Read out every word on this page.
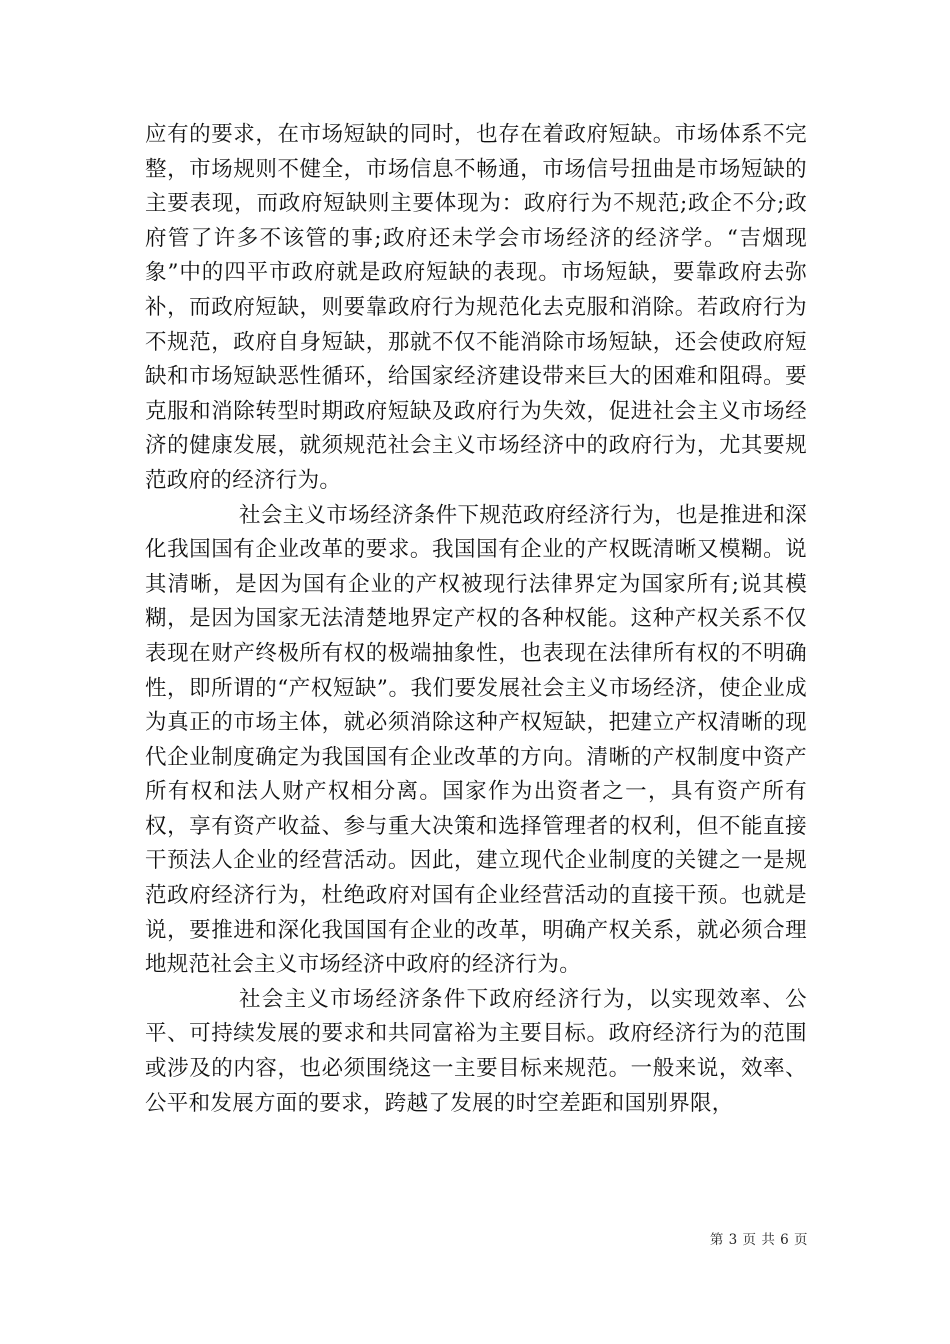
应有的要求，在市场短缺的同时，也存在着政府短缺。市场体系不完整，市场规则不健全，市场信息不畅通，市场信号扭曲是市场短缺的主要表现，而政府短缺则主要体现为：政府行为不规范;政企不分;政府管了许多不该管的事;政府还未学会市场经济的经济学。“吉烟现象”中的四平市政府就是政府短缺的表现。市场短缺，要靠政府去弥补，而政府短缺，则要靠政府行为规范化去克服和消除。若政府行为不规范，政府自身短缺，那就不仅不能消除市场短缺，还会使政府短缺和市场短缺恶性循环，给国家经济建设带来巨大的困难和阻碍。要克服和消除转型时期政府短缺及政府行为失效，促进社会主义市场经济的健康发展，就须规范社会主义市场经济中的政府行为，尤其要规范政府的经济行为。

社会主义市场经济条件下规范政府经济行为，也是推进和深化我国国有企业改革的要求。我国国有企业的产权既清晰又模糊。说其清晰，是因为国有企业的产权被现行法律界定为国家所有;说其模糊，是因为国家无法清楚地界定产权的各种权能。这种产权关系不仅表现在财产终极所有权的极端抽象性，也表现在法律所有权的不明确性，即所谓的“产权短缺”。我们要发展社会主义市场经济，使企业成为真正的市场主体，就必须消除这种产权短缺，把建立产权清晰的现代企业制度确定为我国国有企业改革的方向。清晰的产权制度中资产所有权和法人财产权相分离。国家作为出资者之一，具有资产所有权，享有资产收益、参与重大决策和选择管理者的权利，但不能直接干预法人企业的经营活动。因此，建立现代企业制度的关键之一是规范政府经济行为，杜绝政府对国有企业经营活动的直接干预。也就是说，要推进和深化我国国有企业的改革，明确产权关系，就必须合理地规范社会主义市场经济中政府的经济行为。

社会主义市场经济条件下政府经济行为，以实现效率、公平、可持续发展的要求和共同富裕为主要目标。政府经济行为的范围或涉及的内容，也必须围绕这一主要目标来规范。一般来说，效率、公平和发展方面的要求，跨越了发展的时空差距和国别界限，

第 3 页 共 6 页
